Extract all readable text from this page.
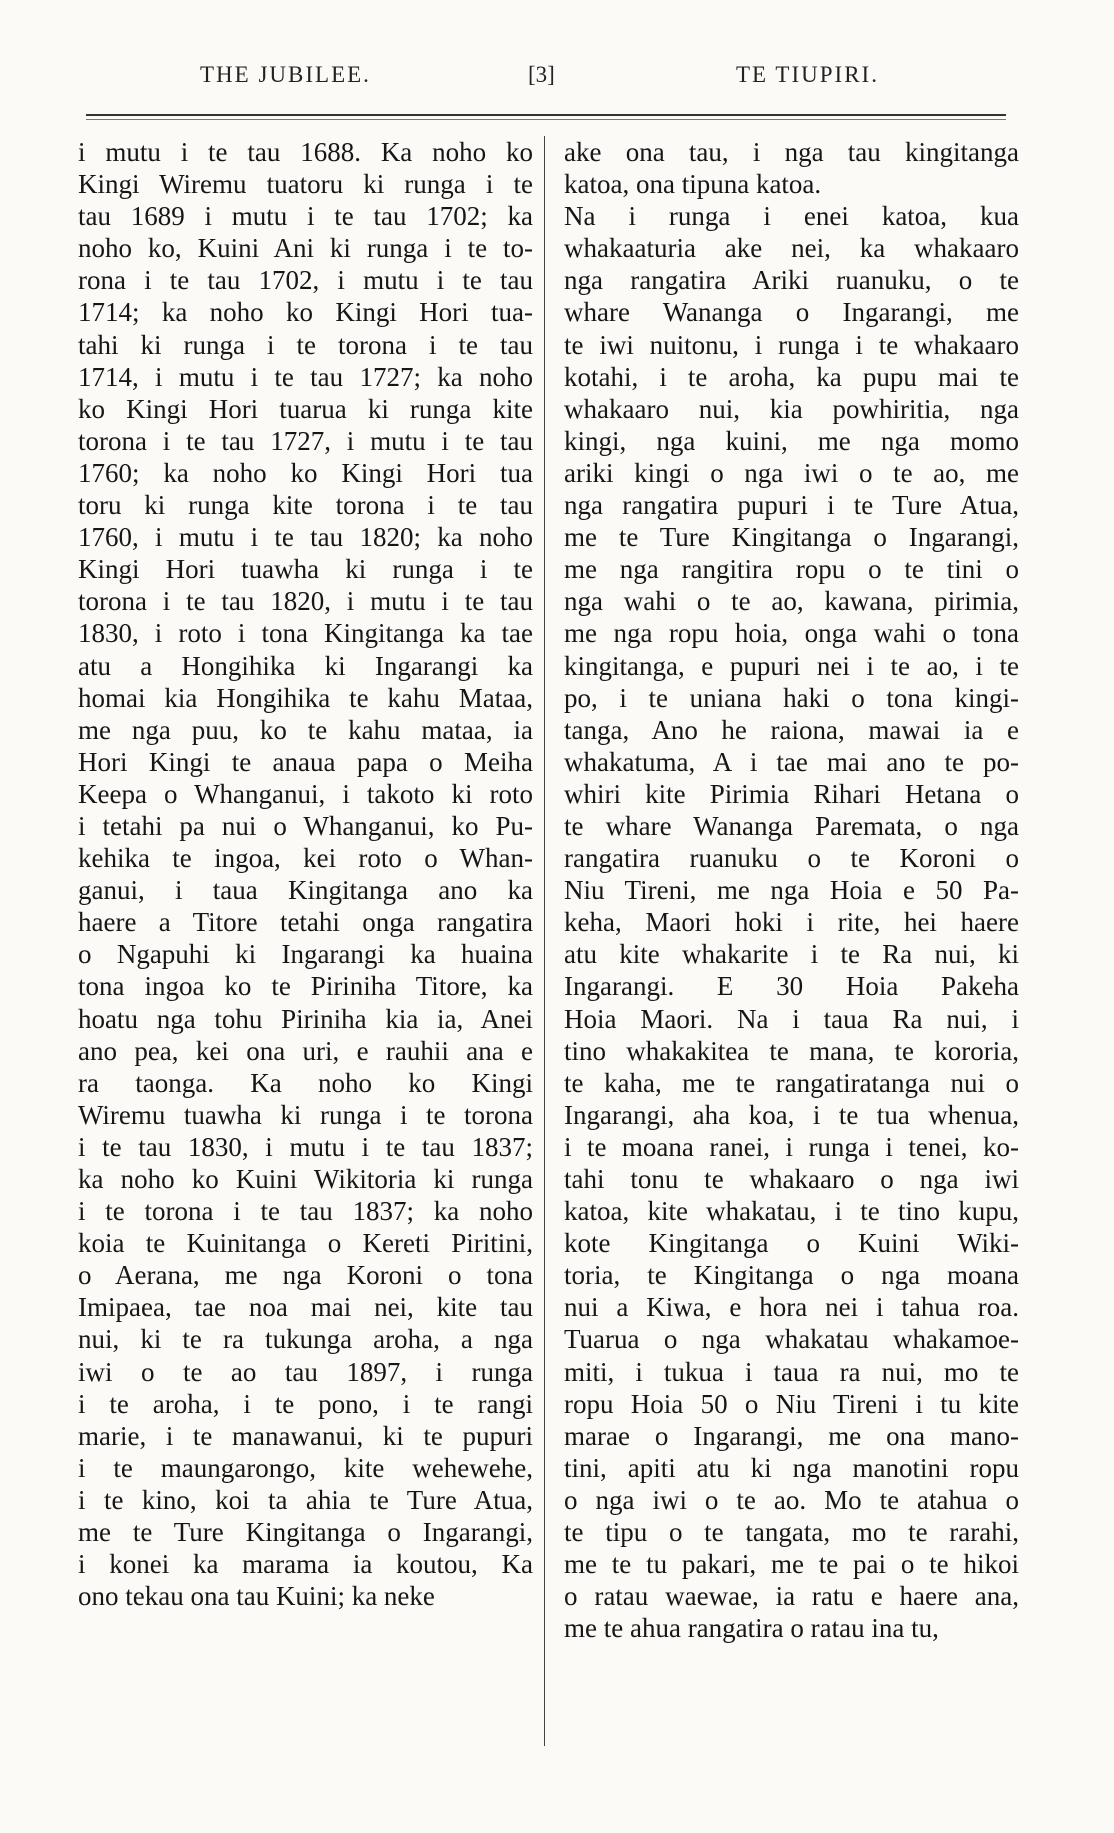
THE JUBILEE.	[3]	TE TIUPIRI.
i mutu i te tau 1688. Ka noho ko
Kingi Wiremu tuatoru ki runga i te
tau 1689 i mutu i te tau 1702; ka
noho ko, Kuini Ani ki runga i te to-
rona i te tau 1702, i mutu i te tau
1714; ka noho ko Kingi Hori tua-
tahi ki runga i te torona i te tau
1714, i mutu i te tau 1727; ka noho
ko Kingi Hori tuarua ki runga kite
torona i te tau 1727, i mutu i te tau
1760; ka noho ko Kingi Hori tua
toru ki runga kite torona i te tau
1760, i mutu i te tau 1820; ka noho
Kingi Hori tuawha ki runga i te
torona i te tau 1820, i mutu i te tau
1830, i roto i tona Kingitanga ka tae
atu a Hongihika ki Ingarangi ka
homai kia Hongihika te kahu Mataa,
me nga puu, ko te kahu mataa, ia
Hori Kingi te anaua papa o Meiha
Keepa o Whanganui, i takoto ki roto
i tetahi pa nui o Whanganui, ko Pu-
kehika te ingoa, kei roto o Whan-
ganui, i taua Kingitanga ano ka
haere a Titore tetahi onga rangatira
o Ngapuhi ki Ingarangi ka huaina
tona ingoa ko te Piriniha Titore, ka
hoatu nga tohu Piriniha kia ia, Anei
ano pea, kei ona uri, e rauhii ana e
ra taonga. Ka noho ko Kingi
Wiremu tuawha ki runga i te torona
i te tau 1830, i mutu i te tau 1837;
ka noho ko Kuini Wikitoria ki runga
i te torona i te tau 1837; ka noho
koia te Kuinitanga o Kereti Piritini,
o Aerana, me nga Koroni o tona
Imipaea, tae noa mai nei, kite tau
nui, ki te ra tukunga aroha, a nga
iwi o te ao tau 1897, i runga
i te aroha, i te pono, i te rangi
marie, i te manawanui, ki te pupuri
i te maungarongo, kite wehewehe,
i te kino, koi ta ahia te Ture Atua,
me te Ture Kingitanga o Ingarangi,
i konei ka marama ia koutou, Ka
ono tekau ona tau Kuini; ka neke
ake ona tau, i nga tau kingitanga
katoa, ona tipuna katoa.
Na i runga i enei katoa, kua
whakaaturia ake nei, ka whakaaro
nga rangatira Ariki ruanuku, o te
whare Wananga o Ingarangi, me
te iwi nuitonu, i runga i te whakaaro
kotahi, i te aroha, ka pupu mai te
whakaaro nui, kia powhiritia, nga
kingi, nga kuini, me nga momo
ariki kingi o nga iwi o te ao, me
nga rangatira pupuri i te Ture Atua,
me te Ture Kingitanga o Ingarangi,
me nga rangitira ropu o te tini o
nga wahi o te ao, kawana, pirimia,
me nga ropu hoia, onga wahi o tona
kingitanga, e pupuri nei i te ao, i te
po, i te uniana haki o tona kingi-
tanga, Ano he raiona, mawai ia e
whakatuma, A i tae mai ano te po-
whiri kite Pirimia Rihari Hetana o
te whare Wananga Paremata, o nga
rangatira ruanuku o te Koroni o
Niu Tireni, me nga Hoia e 50 Pa-
keha, Maori hoki i rite, hei haere
atu kite whakarite i te Ra nui, ki
Ingarangi. E 30 Hoia Pakeha
Hoia Maori. Na i taua Ra nui, i
tino whakakitea te mana, te kororia,
te kaha, me te rangatiratanga nui o
Ingarangi, aha koa, i te tua whenua,
i te moana ranei, i runga i tenei, ko-
tahi tonu te whakaaro o nga iwi
katoa, kite whakatau, i te tino kupu,
kote Kingitanga o Kuini Wiki-
toria, te Kingitanga o nga moana
nui a Kiwa, e hora nei i tahua roa.
Tuarua o nga whakatau whakamoe-
miti, i tukua i taua ra nui, mo te
ropu Hoia 50 o Niu Tireni i tu kite
marae o Ingarangi, me ona mano-
tini, apiti atu ki nga manotini ropu
o nga iwi o te ao. Mo te atahua o
te tipu o te tangata, mo te rarahi,
me te tu pakari, me te pai o te hikoi
o ratau waewae, ia ratu e haere ana,
me te ahua rangatira o ratau ina tu,
